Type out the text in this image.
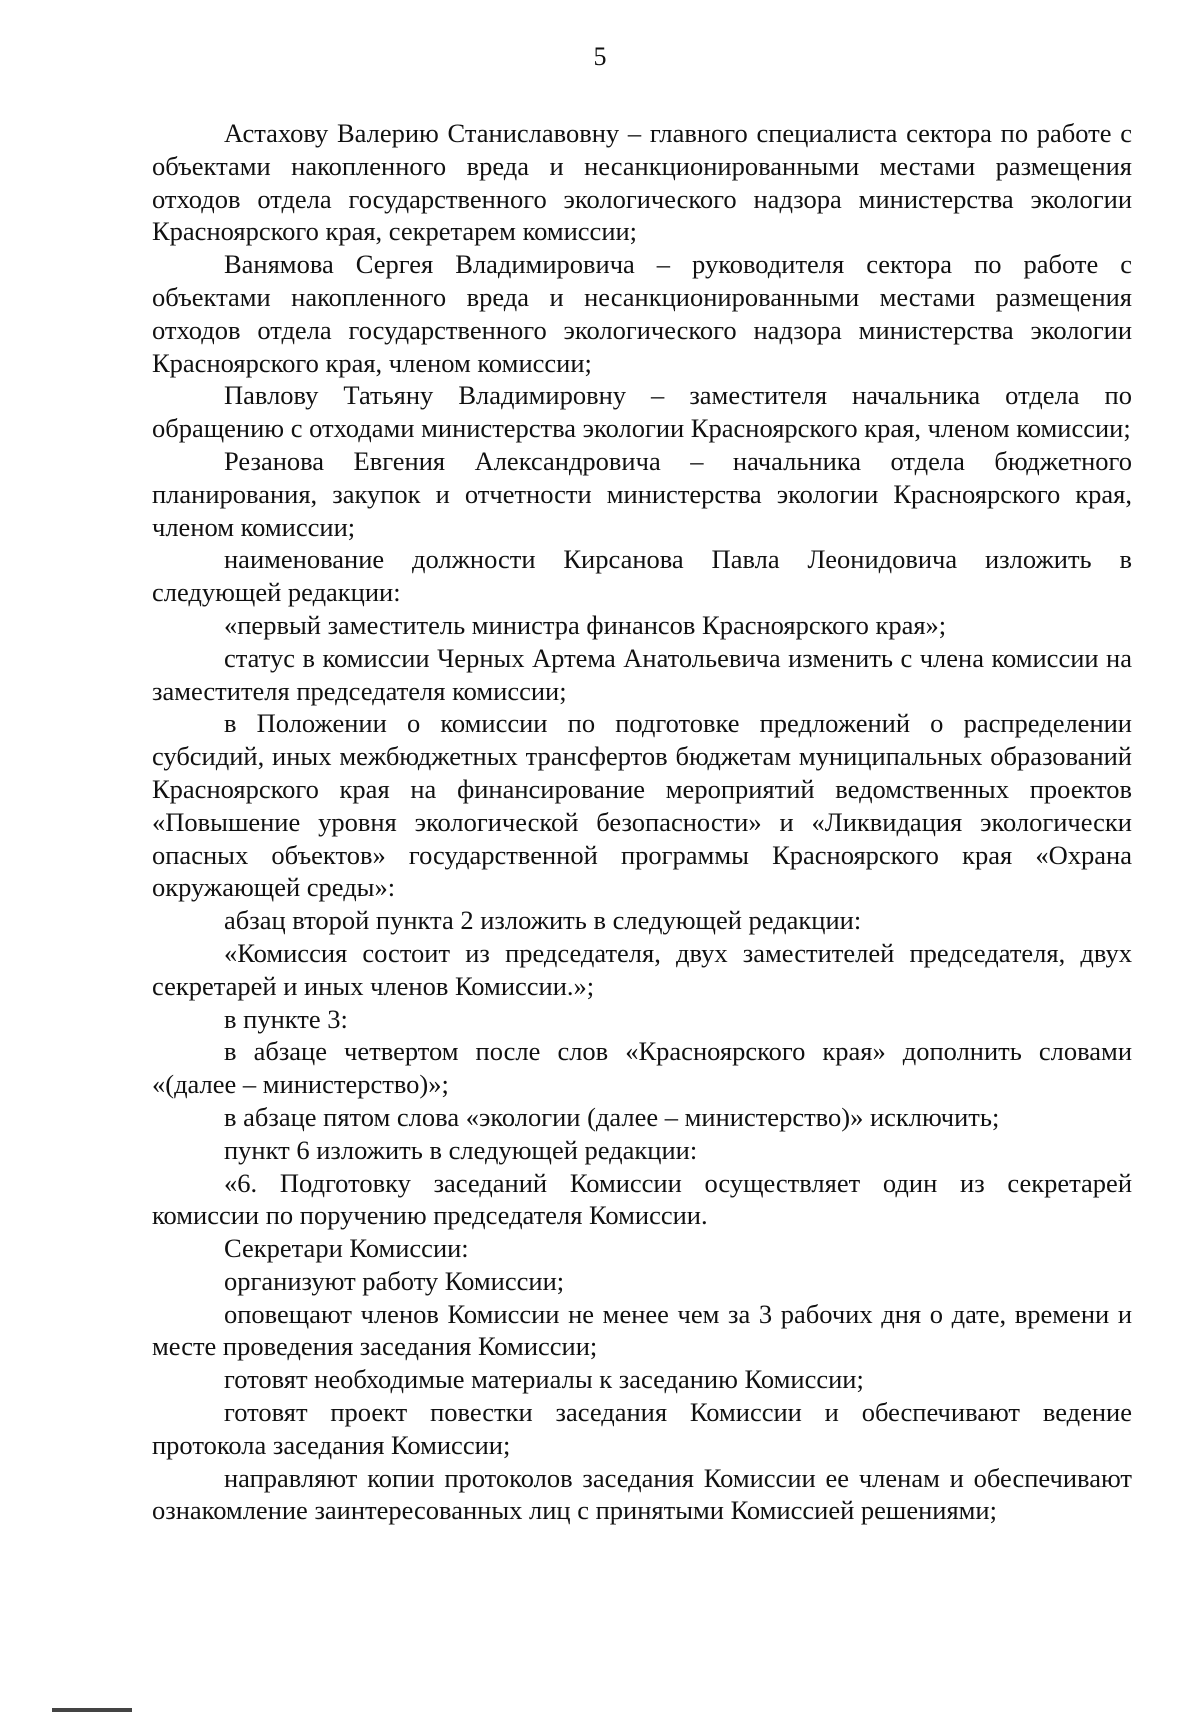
5

Астахову Валерию Станиславовну – главного специалиста сектора по работе с объектами накопленного вреда и несанкционированными местами размещения отходов отдела государственного экологического надзора министерства экологии Красноярского края, секретарем комиссии;

Ванямова Сергея Владимировича – руководителя сектора по работе с объектами накопленного вреда и несанкционированными местами размещения отходов отдела государственного экологического надзора министерства экологии Красноярского края, членом комиссии;

Павлову Татьяну Владимировну – заместителя начальника отдела по обращению с отходами министерства экологии Красноярского края, членом комиссии;

Резанова Евгения Александровича – начальника отдела бюджетного планирования, закупок и отчетности министерства экологии Красноярского края, членом комиссии;

наименование должности Кирсанова Павла Леонидовича изложить в следующей редакции:

«первый заместитель министра финансов Красноярского края»;

статус в комиссии Черных Артема Анатольевича изменить с члена комиссии на заместителя председателя комиссии;

в Положении о комиссии по подготовке предложений о распределении субсидий, иных межбюджетных трансфертов бюджетам муниципальных образований Красноярского края на финансирование мероприятий ведомственных проектов «Повышение уровня экологической безопасности» и «Ликвидация экологически опасных объектов» государственной программы Красноярского края «Охрана окружающей среды»:

абзац второй пункта 2 изложить в следующей редакции:

«Комиссия состоит из председателя, двух заместителей председателя, двух секретарей и иных членов Комиссии.»;

в пункте 3:

в абзаце четвертом после слов «Красноярского края» дополнить словами «(далее – министерство)»;

в абзаце пятом слова «экологии (далее – министерство)» исключить;

пункт 6 изложить в следующей редакции:

«6. Подготовку заседаний Комиссии осуществляет один из секретарей комиссии по поручению председателя Комиссии.

Секретари Комиссии:

организуют работу Комиссии;

оповещают членов Комиссии не менее чем за 3 рабочих дня о дате, времени и месте проведения заседания Комиссии;

готовят необходимые материалы к заседанию Комиссии;

готовят проект повестки заседания Комиссии и обеспечивают ведение протокола заседания Комиссии;

направляют копии протоколов заседания Комиссии ее членам и обеспечивают ознакомление заинтересованных лиц с принятыми Комиссией решениями;
